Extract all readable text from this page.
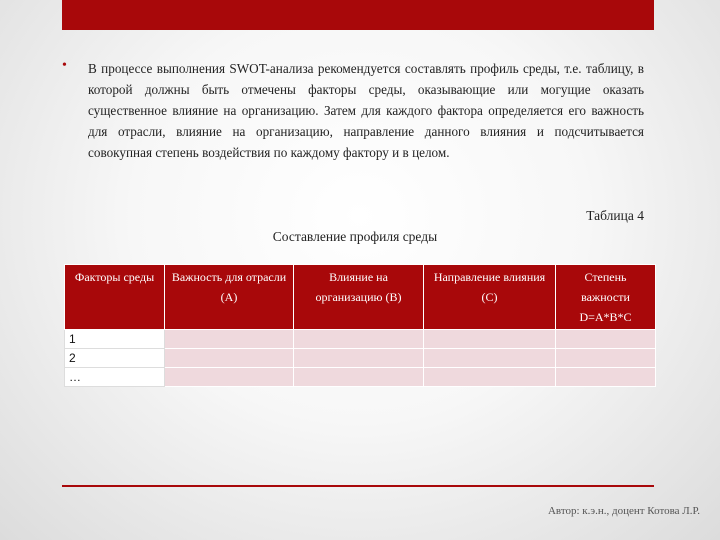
• В процессе выполнения SWOT-анализа рекомендуется составлять профиль среды, т.е. таблицу, в которой должны быть отмечены факторы среды, оказывающие или могущие оказать существенное влияние на организацию. Затем для каждого фактора определяется его важность для отрасли, влияние на организацию, направление данного влияния и подсчитывается совокупная степень воздействия по каждому фактору и в целом.
Таблица 4
Составление профиля среды
Факторы среды	Важность для отрасли (А)	Влияние на организацию (В)	Направление влияния (С)	Степень важности D=A*B*C
1				
2				
…				
Автор: к.э.н., доцент Котова Л.Р.
